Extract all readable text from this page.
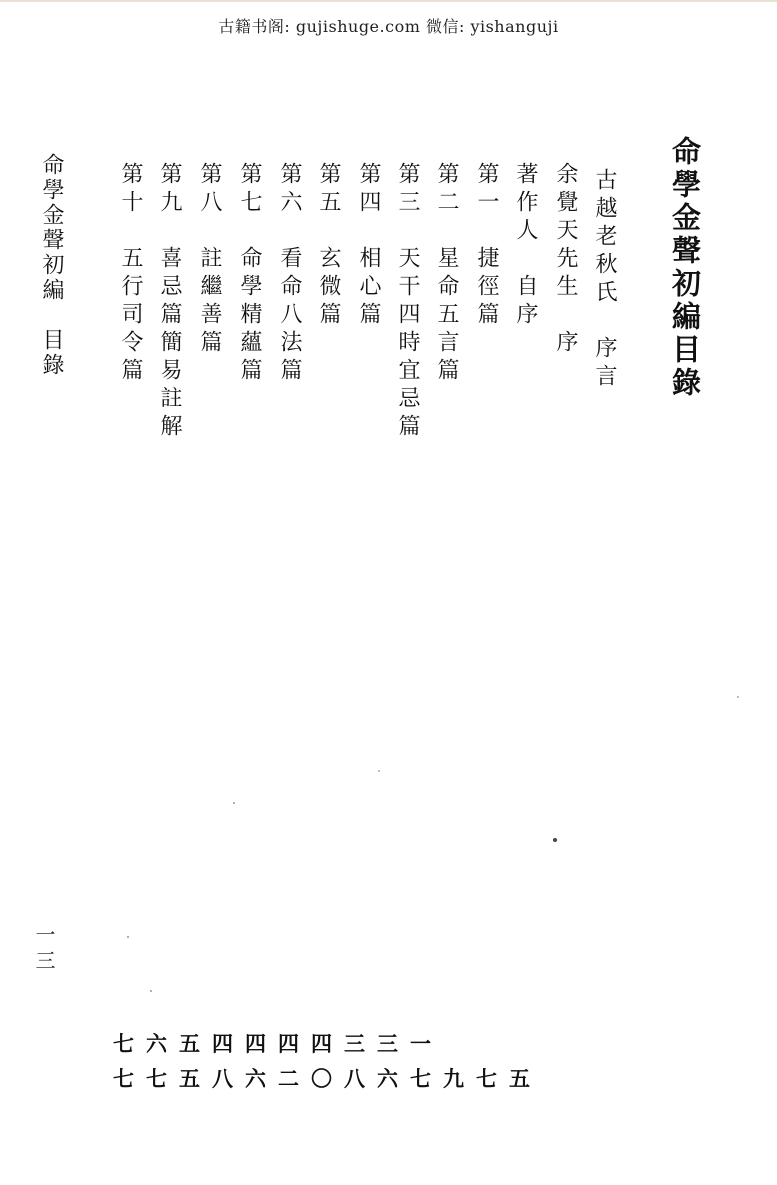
古籍书阁: gujishuge.com 微信: yishanguji
命學金聲初編目錄
古越老秋氏　序言
余覺天先生　序
著作人　自序
第一　捷徑篇
第二　星命五言篇
第三　天干四時宜忌篇
第四　相心篇
第五　玄微篇
第六　看命八法篇
第七　命學精蘊篇
第八　註繼善篇
第九　喜忌篇簡易註解
第十　五行司令篇
命學金聲初編　目錄
一三
七六五四四四四三三一
七七五八六二〇八六七九七五
